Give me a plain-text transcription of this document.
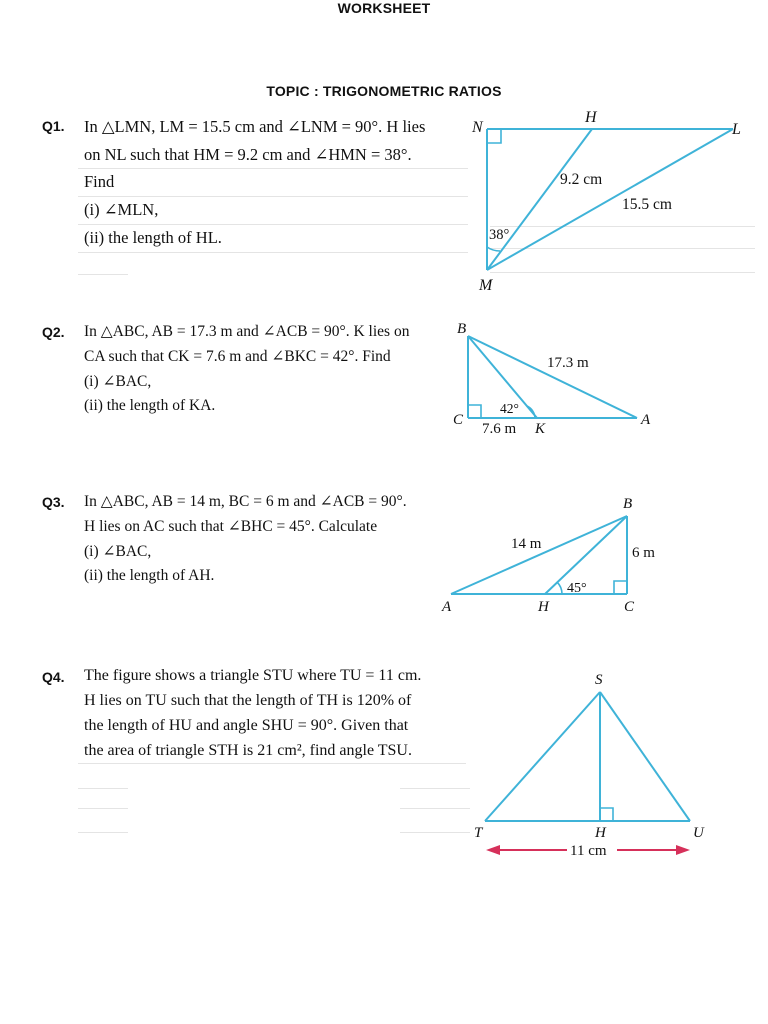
WORKSHEET
TOPIC : TRIGONOMETRIC RATIOS
Q1. In △LMN, LM = 15.5 cm and ∠LNM = 90°. H lies
on NL such that HM = 9.2 cm and ∠HMN = 38°.
Find
(i) ∠MLN,
(ii) the length of HL.
N
H
L
M
9.2 cm
15.5 cm
38°
Q2. In △ABC, AB = 17.3 m and ∠ACB = 90°. K lies on
CA such that CK = 7.6 m and ∠BKC = 42°. Find
(i) ∠BAC,
(ii) the length of KA.
B
C
K
A
17.3 m
42°
7.6 m
Q3. In △ABC, AB = 14 m, BC = 6 m and ∠ACB = 90°.
H lies on AC such that ∠BHC = 45°. Calculate
(i) ∠BAC,
(ii) the length of AH.
B
A	H	C
14 m
6 m
45°
Q4. The figure shows a triangle STU where TU = 11 cm.
H lies on TU such that the length of TH is 120% of
the length of HU and angle SHU = 90°. Given that
the area of triangle STH is 21 cm², find angle TSU.
S
T	H	U
11 cm
